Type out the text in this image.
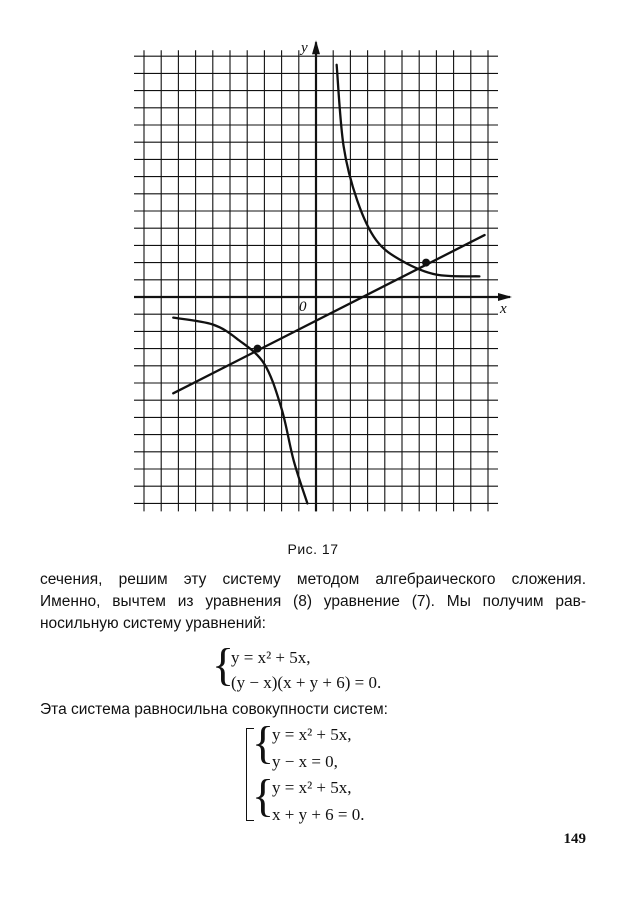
x
y
0
Рис. 17
сечения, решим эту систему методом алгебраического сложения.
Именно, вычтем из уравнения (8) уравнение (7). Мы получим рав-
носильную систему уравнений:
{
y = x² + 5x,
(y − x)(x + y + 6) = 0.
Эта система равносильна совокупности систем:
{
{
y = x² + 5x,
y − x = 0,
y = x² + 5x,
x + y + 6 = 0.
149
